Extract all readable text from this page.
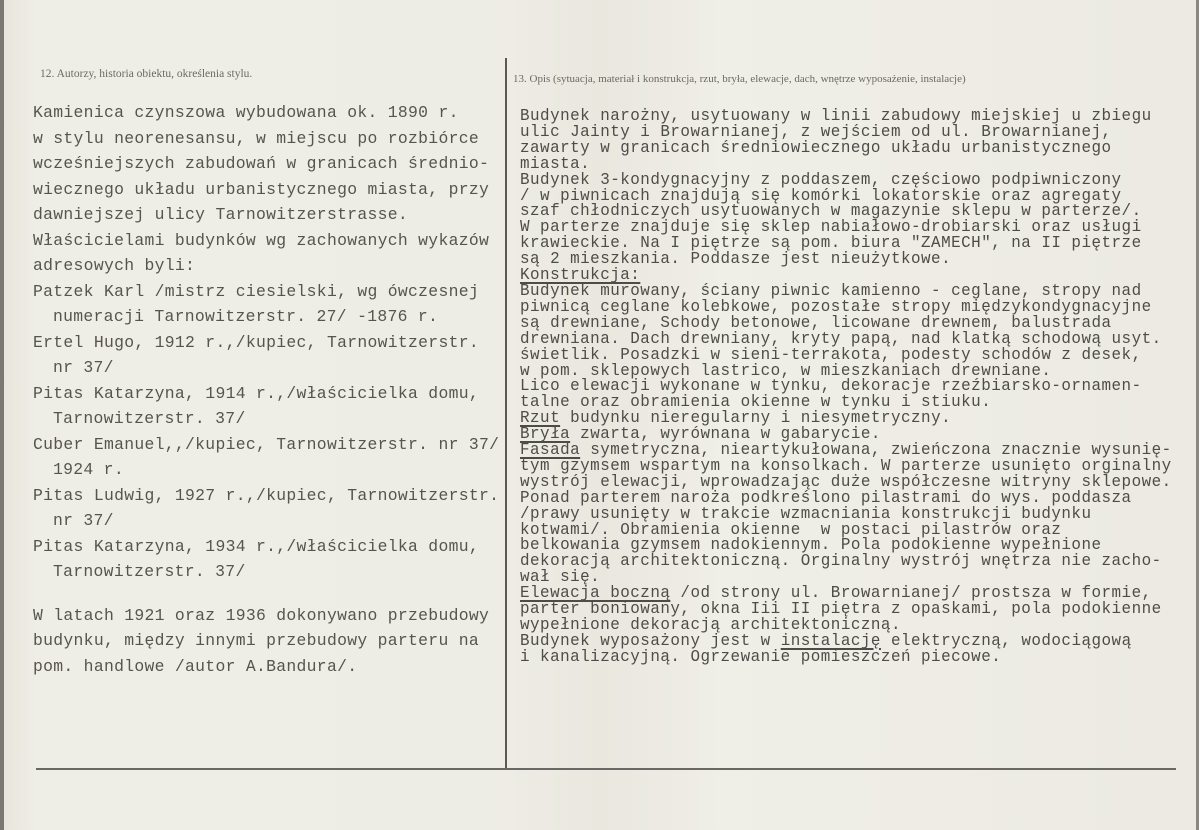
12. Autorzy, historia obiektu, określenia stylu.	13. Opis (sytuacja, materiał i konstrukcja, rzut, bryła, elewacje, dach, wnętrze wyposażenie, instalacje)
Kamienica czynszowa wybudowana ok. 1890 r.
w stylu neorenesansu, w miejscu po rozbiórce
wcześniejszych zabudowań w granicach średnio-
wiecznego układu urbanistycznego miasta, przy
dawniejszej ulicy Tarnowitzerstrasse.
Właścicielami budynków wg zachowanych wykazów
adresowych byli:
Patzek Karl /mistrz ciesielski, wg ówczesnej
numeracji Tarnowitzerstr. 27/ -1876 r.
Ertel Hugo, 1912 r.,/kupiec, Tarnowitzerstr.
nr 37/
Pitas Katarzyna, 1914 r.,/właścicielka domu,
Tarnowitzerstr. 37/
Cuber Emanuel,,/kupiec, Tarnowitzerstr. nr 37/
1924 r.
Pitas Ludwig, 1927 r.,/kupiec, Tarnowitzerstr.
nr 37/
Pitas Katarzyna, 1934 r.,/właścicielka domu,
Tarnowitzerstr. 37/
W latach 1921 oraz 1936 dokonywano przebudowy
budynku, między innymi przebudowy parteru na
pom. handlowe /autor A.Bandura/.
Budynek narożny, usytuowany w linii zabudowy miejskiej u zbiegu
ulic Jainty i Browarnianej, z wejściem od ul. Browarnianej,
zawarty w granicach średniowiecznego układu urbanistycznego
miasta.
Budynek 3-kondygnacyjny z poddaszem, częściowo podpiwniczony
/ w piwnicach znajdują się komórki lokatorskie oraz agregaty
szaf chłodniczych usytuowanych w magazynie sklepu w parterze/.
W parterze znajduje się sklep nabiałowo-drobiarski oraz usługi
krawieckie. Na I piętrze są pom. biura "ZAMECH", na II piętrze
są 2 mieszkania. Poddasze jest nieużytkowe.
Konstrukcja:
Budynek murowany, ściany piwnic kamienno - ceglane, stropy nad
piwnicą ceglane kolebkowe, pozostałe stropy międzykondygnacyjne
są drewniane, Schody betonowe, licowane drewnem, balustrada
drewniana. Dach drewniany, kryty papą, nad klatką schodową usyt.
świetlik. Posadzki w sieni-terrakota, podesty schodów z desek,
w pom. sklepowych lastrico, w mieszkaniach drewniane.
Lico elewacji wykonane w tynku, dekoracje rzeźbiarsko-ornamen-
talne oraz obramienia okienne w tynku i stiuku.
Rzut budynku nieregularny i niesymetryczny.
Bryła zwarta, wyrównana w gabarycie.
Fasada symetryczna, nieartykułowana, zwieńczona znacznie wysunię-
tym gzymsem wspartym na konsolkach. W parterze usunięto orginalny
wystrój elewacji, wprowadzając duże współczesne witryny sklepowe.
Ponad parterem naroża podkreślono pilastrami do wys. poddasza
/prawy usunięty w trakcie wzmacniania konstrukcji budynku
kotwami/. Obramienia okienne  w postaci pilastrów oraz
belkowania gzymsem nadokiennym. Pola podokienne wypełnione
dekoracją architektoniczną. Orginalny wystrój wnętrza nie zacho-
wał się.
Elewacja boczną /od strony ul. Browarnianej/ prostsza w formie,
parter boniowany, okna Iii II piętra z opaskami, pola podokienne
wypełnione dekoracją architektoniczną.
Budynek wyposażony jest w instalację elektryczną, wodociągową
i kanalizacyjną. Ogrzewanie pomieszczeń piecowe.
